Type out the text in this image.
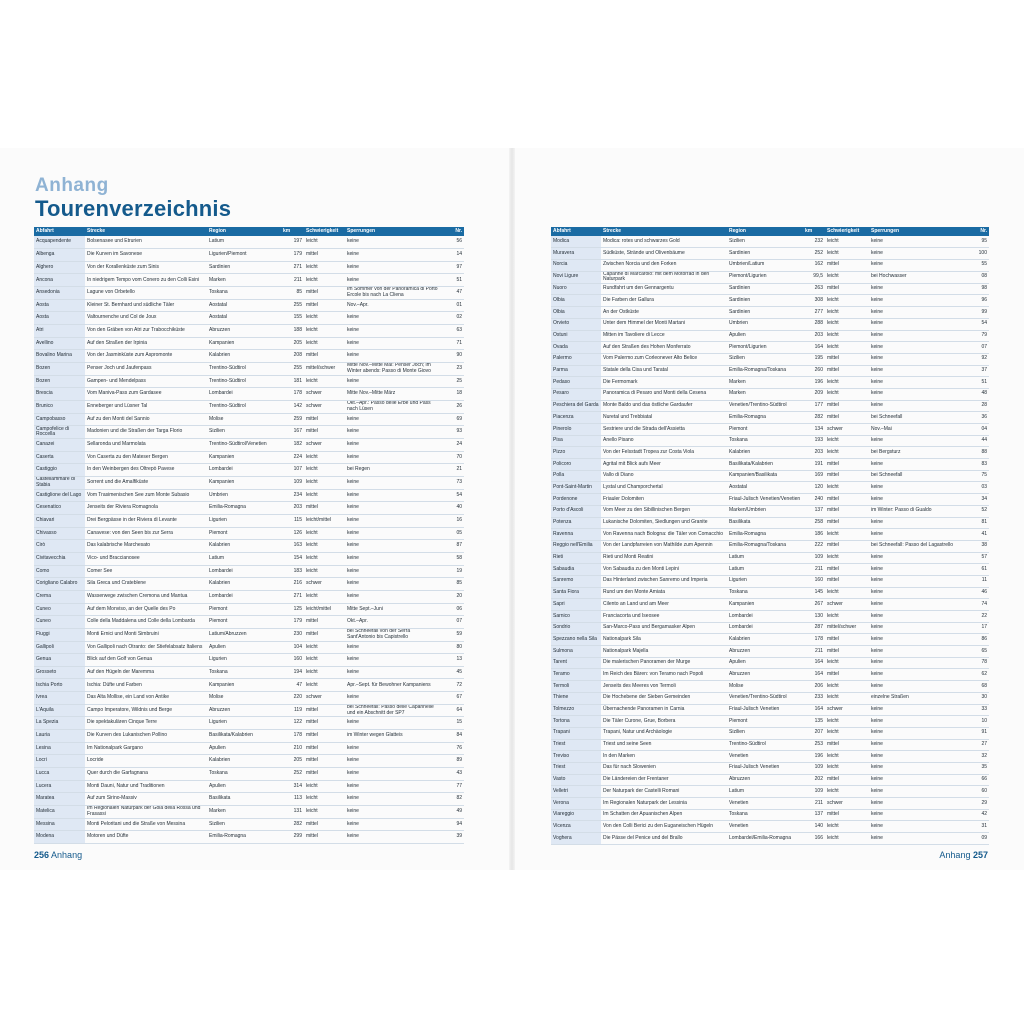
Anhang
Tourenverzeichnis
Abfahrt	Strecke	Region	km	Schwierigkeit	Sperrungen	Nr.
Acquapendente	Bolsenasee und Etrurien	Latium	197	leicht	keine	56
Albenga	Die Kurven im Savonese	Ligurien/Piemont	179	mittel	keine	14
Alghero	Von der Korallenküste zum Sinis	Sardinien	271	leicht	keine	97
Ancona	In niedrigem Tempo vom Conero zu den Colli Esini	Marken	211	leicht	keine	51
Ansedonia	Lagune von Orbetello	Toskana	85	mittel	Im Sommer von der Panoramica di Porto Ercole bis nach La Cliena	47
Aosta	Kleiner St. Bernhard und südliche Täler	Aostatal	255	mittel	Nov.–Apr.	01
Aosta	Valtournenche und Col de Joux	Aostatal	155	leicht	keine	02
Atri	Von den Gräben von Atri zur Trabocchiküste	Abruzzen	188	leicht	keine	63
Avellino	Auf den Straßen der Irpinia	Kampanien	205	leicht	keine	71
Bovalino Marina	Von der Jasminküste zum Aspromonte	Kalabrien	208	mittel	keine	90
Bozen	Penser Joch und Jaufenpass	Trentino-Südtirol	255	mittel/schwer	Mitte Nov.–Mitte Mai: Penser Joch; im Winter abends: Passo di Monte Giovo	23
Bozen	Gampen- und Mendelpass	Trentino-Südtirol	181	leicht	keine	25
Brescia	Vom Maniva-Pass zum Gardasee	Lombardei	178	schwer	Mitte Nov.–Mitte März	18
Brunico	Enneberger und Lüsner Tal	Trentino-Südtirol	142	schwer	Okt.–Apr.: Passo delle Erbe und Pass nach Lüsen	26
Campobasso	Auf zu den Monti del Sannio	Molise	259	mittel	keine	69
Campofelice di Roccella	Madonien und die Straßen der Targa Florio	Sizilien	167	mittel	keine	93
Canazei	Sellaronda und Marmolata	Trentino-Südtirol/Venetien	182	schwer	keine	24
Caserta	Von Caserta zu den Mateser Bergen	Kampanien	224	leicht	keine	70
Castiggio	In den Weinbergen des Oltrepò Pavese	Lombardei	107	leicht	bei Regen	21
Castellammare di Stabia	Sorrent und die Amalfiküste	Kampanien	109	leicht	keine	73
Castiglione del Lago	Vom Trasimenischen See zum Monte Subasio	Umbrien	234	leicht	keine	54
Cesenatico	Jenseits der Riviera Romagnola	Emilia-Romagna	203	mittel	keine	40
Chiavari	Drei Bergpässe in der Riviera di Levante	Ligurien	115	leicht/mittel	keine	16
Chivasso	Canavese: von den Seen bis zur Serra	Piemont	126	leicht	keine	05
Cirò	Das kalabrische Marchesato	Kalabrien	163	leicht	keine	87
Civitavecchia	Vico- und Braccianosee	Latium	154	leicht	keine	58
Como	Comer See	Lombardei	183	leicht	keine	19
Corigliano Calabro	Sila Greca und Crateblene	Kalabrien	216	schwer	keine	85
Crema	Wasserwege zwischen Cremona und Mantua	Lombardei	271	leicht	keine	20
Cuneo	Auf dem Monviso, an der Quelle des Po	Piemont	125	leicht/mittel	Mitte Sept.–Juni	06
Cuneo	Colle della Maddalena und Colle della Lombarda	Piemont	179	mittel	Okt.–Apr.	07
Fiuggi	Monti Ernici und Monti Simbruini	Latium/Abruzzen	230	mittel	bei Schneefall von der Serra Sant'Antonio bis Capistrello	59
Gallipoli	Von Gallipoli nach Otranto: der Stiefelabsatz Italiens	Apulien	104	leicht	keine	80
Genua	Blick auf den Golf von Genua	Ligurien	160	leicht	keine	13
Grosseto	Auf den Hügeln der Maremma	Toskana	194	leicht	keine	45
Ischia Porto	Ischia: Düfte und Farben	Kampanien	47	leicht	Apr.–Sept. für Bewohner Kampaniens	72
Ivrea	Das Alta Mollise, ein Land von Antike	Molise	220	schwer	keine	67
L'Aquila	Campo Imperatore, Wildnis und Berge	Abruzzen	119	mittel	bei Schneefall: Passo delle Capannelle und ein Abschnitt der SP7	64
La Spezia	Die spektakulären Cinque Terre	Ligurien	122	mittel	keine	15
Lauria	Die Kurven des Lukanischen Pollino	Basilikata/Kalabrien	178	mittel	im Winter wegen Glatteis	84
Lesina	Im Nationalpark Gargano	Apulien	210	mittel	keine	76
Locri	Locride	Kalabrien	205	mittel	keine	89
Lucca	Quer durch die Garfagnana	Toskana	252	mittel	keine	43
Lucera	Monti Dauni, Natur und Traditionen	Apulien	314	leicht	keine	77
Maratea	Auf zum Sirino-Massiv	Basilikata	113	leicht	keine	82
Matelica	Im Regionalen Naturpark der Gola della Rossa und Frasassi	Marken	131	leicht	keine	49
Messina	Monti Peloritani und die Straße von Messina	Sizilien	282	mittel	keine	94
Modena	Motoren und Düfte	Emilia-Romagna	299	mittel	keine	39
Abfahrt	Strecke	Region	km	Schwierigkeit	Sperrungen	Nr.
Modica	Modica: rotes und schwarzes Gold	Sizilien	232	leicht	keine	95
Muravera	Südküste, Strände und Olivenbäume	Sardinien	252	leicht	keine	100
Norcia	Zwischen Norcia und den Forken	Umbrien/Latium	162	mittel	keine	55
Novi Ligure	Capanne di Marcarolo: mit dem Motorrad in den Naturpark	Piemont/Ligurien	99,5	leicht	bei Hochwasser	08
Nuoro	Rundfahrt um den Gennargentu	Sardinien	263	mittel	keine	98
Olbia	Die Farben der Gallura	Sardinien	308	leicht	keine	96
Olbia	An der Ostküste	Sardinien	277	leicht	keine	99
Orvieto	Unter dem Himmel der Monti Martani	Umbrien	288	leicht	keine	54
Ostuni	Mitten im Tavoliere di Lecce	Apulien	203	leicht	keine	79
Ovada	Auf den Straßen des Hohen Monferrato	Piemont/Ligurien	164	leicht	keine	07
Palermo	Vom Palermo zum Corleonever Alto Belice	Sizilien	195	mittel	keine	92
Parma	Statale della Cisa und Taratal	Emilia-Romagna/Toskana	260	mittel	keine	37
Pedaso	Die Fermomark	Marken	196	leicht	keine	51
Pesaro	Panoramica di Pesaro und Monti della Cesena	Marken	209	leicht	keine	48
Peschiera del Garda	Monte Baldo und das östliche Gardaufer	Venetien/Trentino-Südtirol	177	mittel	keine	28
Piacenza	Nuretal und Trebbiatal	Emilia-Romagna	282	mittel	bei Schneefall	36
Pinerolo	Sestriere und die Strada dell'Assietta	Piemont	134	schwer	Nov.–Mai	04
Pisa	Anello Pisano	Toskana	193	leicht	keine	44
Pizzo	Von der Felsstadt Tropea zur Costa Viola	Kalabrien	203	leicht	bei Bergsturz	88
Policoro	Agrital mit Blick aufs Meer	Basilikata/Kalabrien	191	mittel	keine	83
Polla	Vallo di Diano	Kampanien/Basilikata	169	mittel	bei Schneefall	75
Pont-Saint-Martin	Lystal und Champorchertal	Aostatal	120	leicht	keine	03
Pordenone	Friauler Dolomiten	Friaul-Julisch Venetien/Venetien	240	mittel	keine	34
Porto d'Ascoli	Vom Meer zu den Sibillinischen Bergen	Marken/Umbrien	137	mittel	im Winter: Passo di Gualdo	52
Potenza	Lukanische Dolomiten, Siedlungen und Granite	Basilikata	258	mittel	keine	81
Ravenna	Von Ravenna nach Bologna: die Täler von Comacchio	Emilia-Romagna	186	leicht	keine	41
Reggio nell'Emilia	Von der Landpfarreien von Mathilde zum Apennin	Emilia-Romagna/Toskana	222	mittel	bei Schneefall: Passo del Lagastrello	38
Rieti	Rieti und Monti Reatini	Latium	109	leicht	keine	57
Sabaudia	Von Sabaudia zu den Monti Lepini	Latium	211	mittel	keine	61
Sanremo	Das Hinterland zwischen Sanremo und Imperia	Ligurien	160	mittel	keine	11
Santa Fiora	Rund um den Monte Amiata	Toskana	145	leicht	keine	46
Sapri	Cilento an Land und am Meer	Kampanien	267	schwer	keine	74
Sarnico	Franciacorta und Iseosee	Lombardei	130	leicht	keine	22
Sondrio	San-Marco-Pass und Bergamasker Alpen	Lombardei	287	mittel/schwer	keine	17
Spezzano nella Sila	Nationalpark Sila	Kalabrien	178	mittel	keine	86
Sulmona	Nationalpark Majella	Abruzzen	211	mittel	keine	65
Tarent	Die malerischen Panoramen der Murge	Apulien	164	leicht	keine	78
Teramo	Im Reich des Bären: von Teramo nach Popoli	Abruzzen	164	mittel	keine	62
Termoli	Jenseits des Meeres von Termoli	Molise	206	leicht	keine	68
Thiene	Die Hochebene der Sieben Gemeinden	Venetien/Trentino-Südtirol	233	leicht	einzelne Straßen	30
Tolmezzo	Übernachende Panoramen in Carnia	Friaul-Julisch Venetien	164	schwer	keine	33
Tortona	Die Täler Curone, Grue, Borbera	Piemont	135	leicht	keine	10
Trapani	Trapani, Natur und Archäologie	Sizilien	207	leicht	keine	91
Triest	Triest und seine Seen	Trentino-Südtirol	253	mittel	keine	27
Treviso	In den Marken	Venetien	196	leicht	keine	32
Triest	Das für nach Slowenien	Friaul-Julisch Venetien	109	leicht	keine	35
Vasto	Die Ländereien der Frentaner	Abruzzen	202	mittel	keine	66
Velletri	Der Naturpark der Castelli Romani	Latium	109	leicht	keine	60
Verona	Im Regionalen Naturpark der Lessinia	Venetien	211	schwer	keine	29
Viareggio	Im Schatten der Apuanischen Alpen	Toskana	137	mittel	keine	42
Vicenza	Von den Colli Berici zu den Euganeischen Hügeln	Venetien	140	leicht	keine	31
Voghera	Die Pässe del Penice und del Brallo	Lombardei/Emilia-Romagna	166	leicht	keine	09
256 Anhang	Anhang 257
